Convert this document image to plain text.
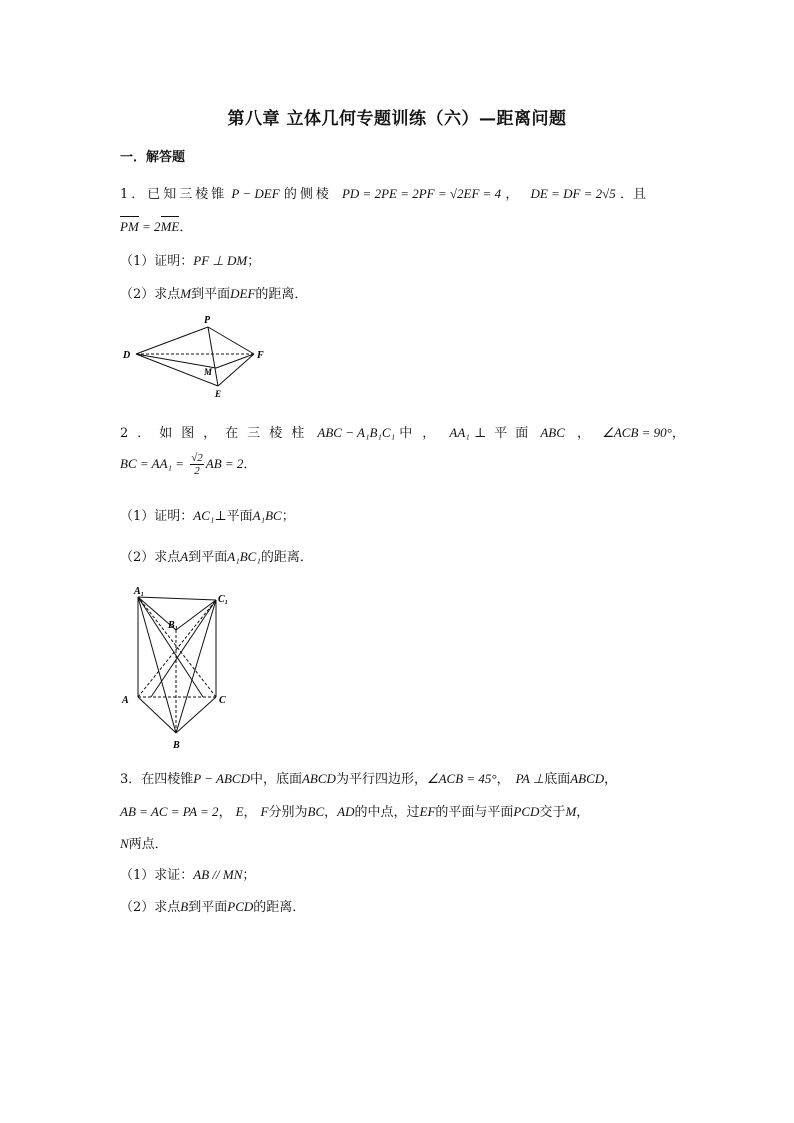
第八章 立体几何专题训练（六）—距离问题
一．解答题
1．已知三棱锥 P − DEF 的侧棱 PD = 2PE = 2PF = √2EF = 4 ， DE = DF = 2√5 ．且
PM = 2ME．
（1）证明：PF ⊥ DM；
（2）求点M到平面DEF的距离．
P
D	F
M
E
2．如图，在三棱柱 ABC − A₁B₁C₁ 中， AA₁ ⊥平面 ABC ， ∠ACB = 90°，
BC = $AA_1 = \frac{√2}{2}$ AB = 2．
（1）证明：AC₁⊥平面A₁BC；
（2）求点A到平面A₁BC₁的距离．
A₁
C₁
B₁
A	C
B
3．在四棱锥P − ABCD中，底面ABCD为平行四边形，∠ACB = 45°， PA ⊥底面ABCD，
AB = AC = PA = 2， E， F分别为BC，AD的中点，过EF的平面与平面PCD交于M，
N两点．
（1）求证：AB // MN；
（2）求点B到平面PCD的距离．
